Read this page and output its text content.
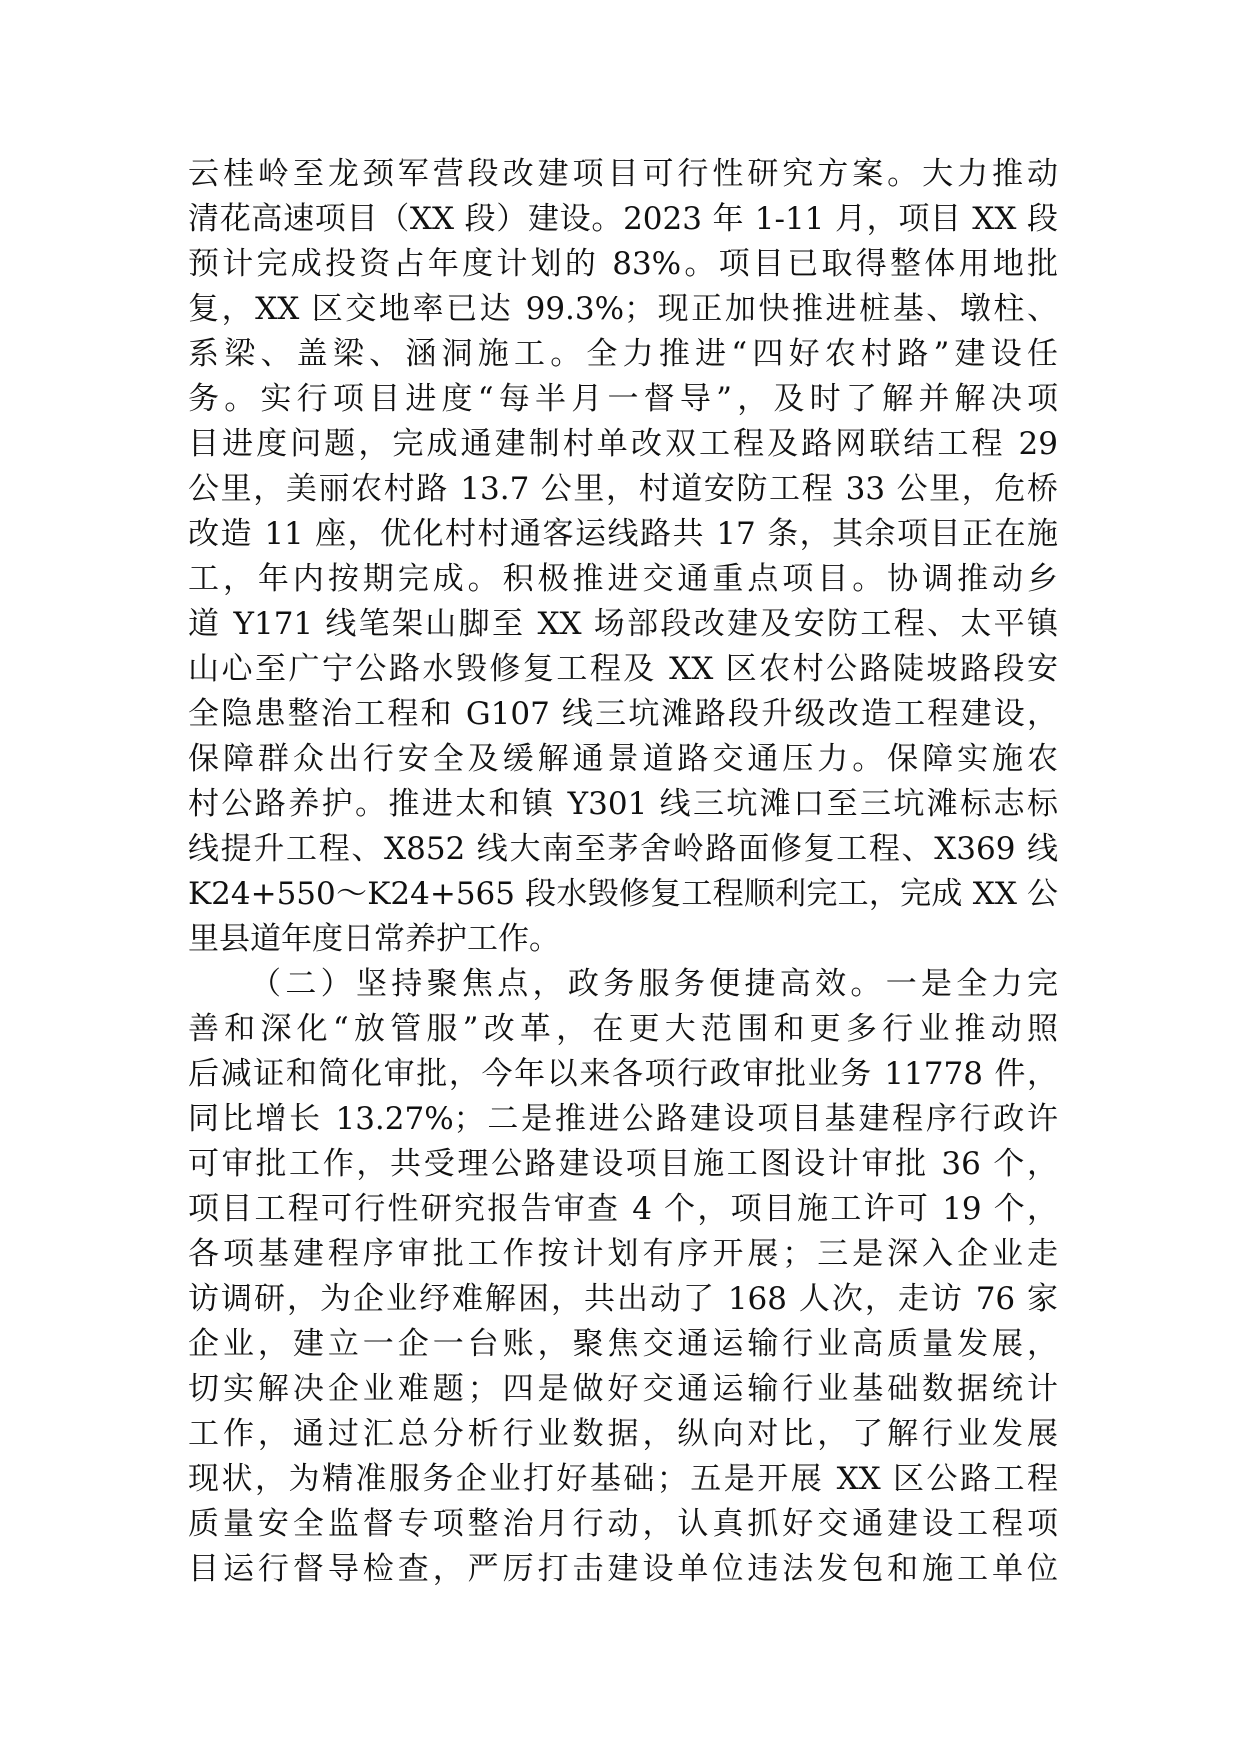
云桂岭至龙颈军营段改建项目可行性研究方案。大力推动
清花高速项目（XX 段）建设。2023 年 1-11 月，项目 XX 段
预计完成投资占年度计划的 83%。项目已取得整体用地批
复，XX 区交地率已达 99.3%；现正加快推进桩基、墩柱、
系梁、盖梁、涵洞施工。全力推进“四好农村路”建设任
务。实行项目进度“每半月一督导”，及时了解并解决项
目进度问题，完成通建制村单改双工程及路网联结工程 29
公里，美丽农村路 13.7 公里，村道安防工程 33 公里，危桥
改造 11 座，优化村村通客运线路共 17 条，其余项目正在施
工，年内按期完成。积极推进交通重点项目。协调推动乡
道 Y171 线笔架山脚至 XX 场部段改建及安防工程、太平镇
山心至广宁公路水毁修复工程及 XX 区农村公路陡坡路段安
全隐患整治工程和 G107 线三坑滩路段升级改造工程建设，
保障群众出行安全及缓解通景道路交通压力。保障实施农
村公路养护。推进太和镇 Y301 线三坑滩口至三坑滩标志标
线提升工程、X852 线大南至茅舍岭路面修复工程、X369 线
K24+550～K24+565 段水毁修复工程顺利完工，完成 XX 公
里县道年度日常养护工作。
（二）坚持聚焦点，政务服务便捷高效。一是全力完
善和深化“放管服”改革，在更大范围和更多行业推动照
后减证和简化审批，今年以来各项行政审批业务 11778 件，
同比增长 13.27%；二是推进公路建设项目基建程序行政许
可审批工作，共受理公路建设项目施工图设计审批 36 个，
项目工程可行性研究报告审查 4 个，项目施工许可 19 个，
各项基建程序审批工作按计划有序开展；三是深入企业走
访调研，为企业纾难解困，共出动了 168 人次，走访 76 家
企业，建立一企一台账，聚焦交通运输行业高质量发展，
切实解决企业难题；四是做好交通运输行业基础数据统计
工作，通过汇总分析行业数据，纵向对比，了解行业发展
现状，为精准服务企业打好基础；五是开展 XX 区公路工程
质量安全监督专项整治月行动，认真抓好交通建设工程项
目运行督导检查，严厉打击建设单位违法发包和施工单位
